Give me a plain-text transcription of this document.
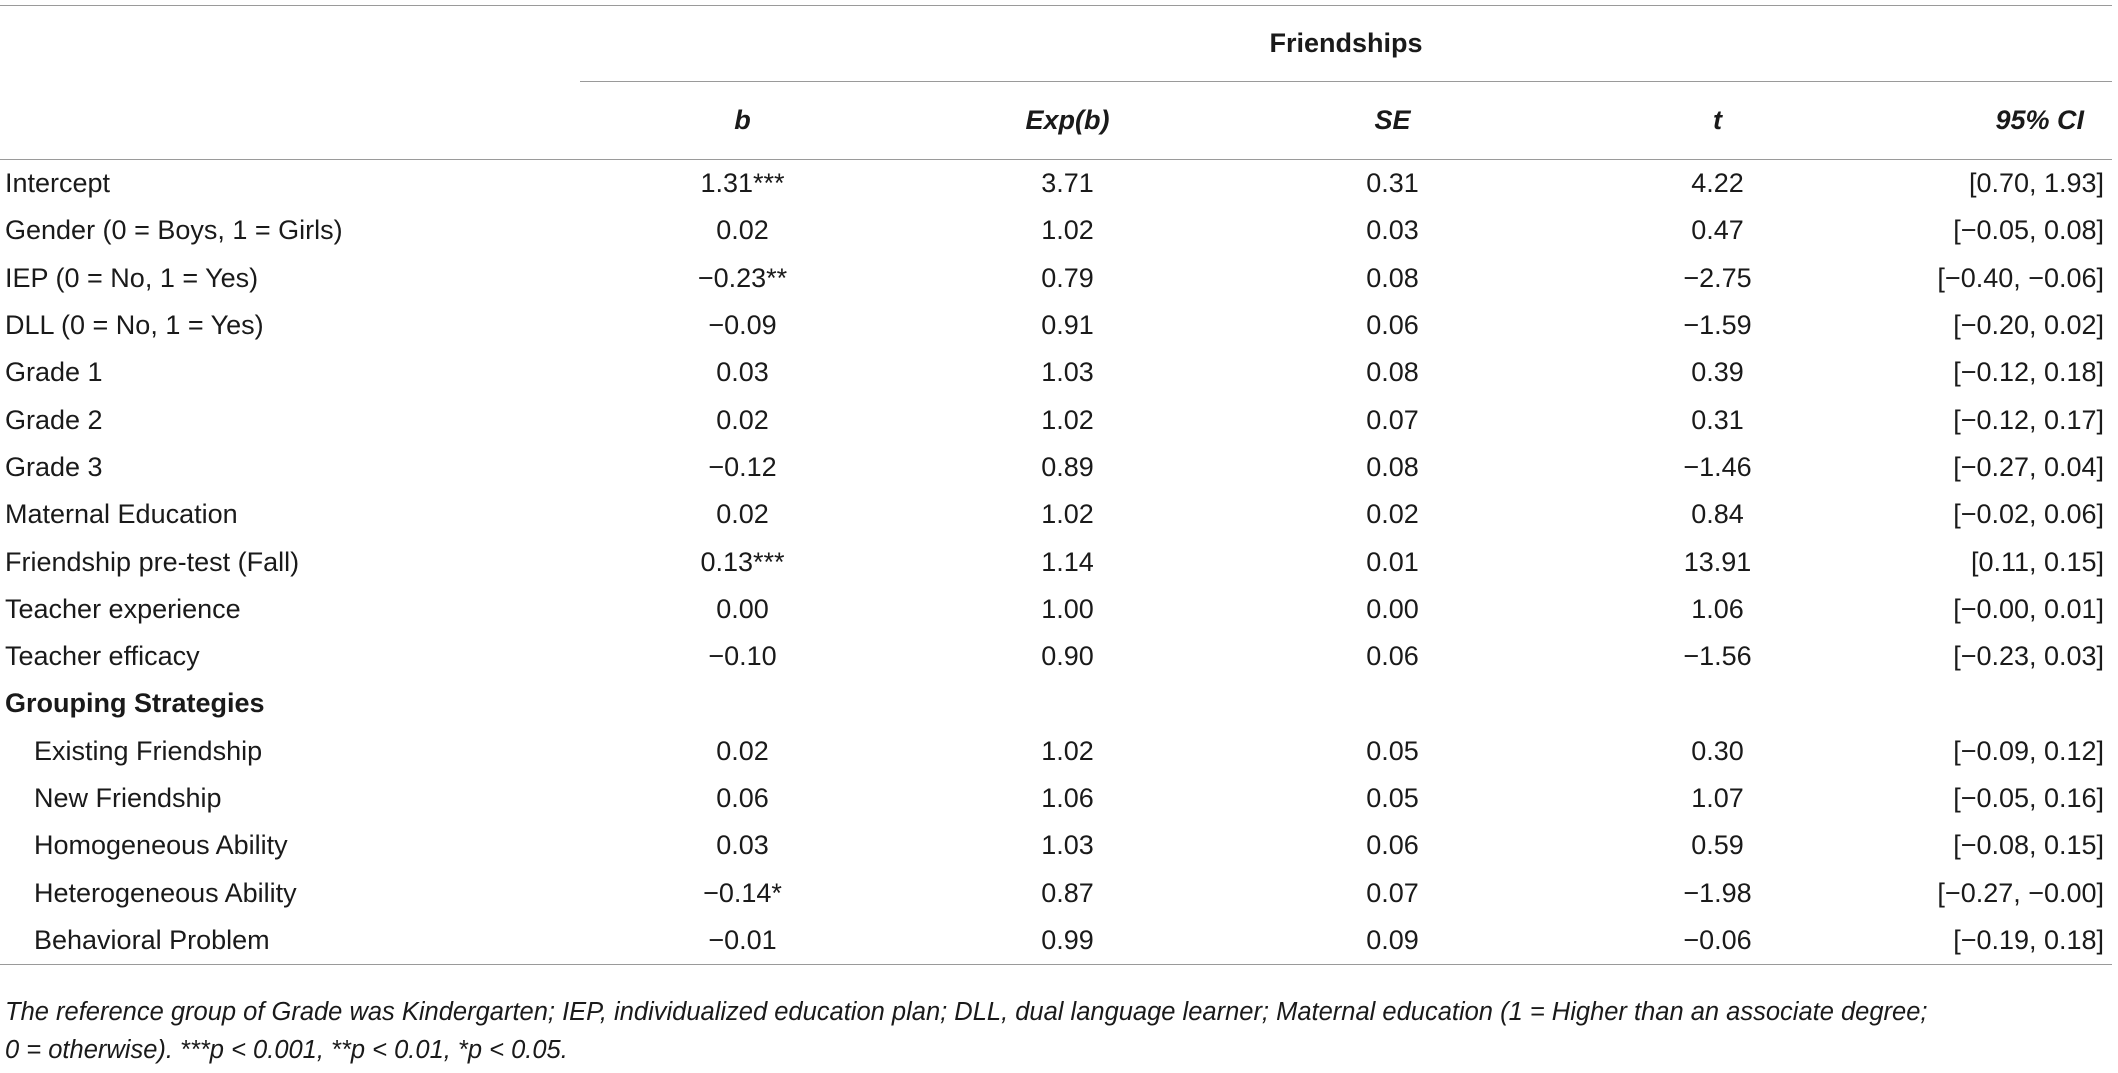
	Friendships				
	b	Exp(b)	SE	t	95% CI
Intercept	1.31***	3.71	0.31	4.22	[0.70, 1.93]
Gender (0 = Boys, 1 = Girls)	0.02	1.02	0.03	0.47	[−0.05, 0.08]
IEP (0 = No, 1 = Yes)	−0.23**	0.79	0.08	−2.75	[−0.40, −0.06]
DLL (0 = No, 1 = Yes)	−0.09	0.91	0.06	−1.59	[−0.20, 0.02]
Grade 1	0.03	1.03	0.08	0.39	[−0.12, 0.18]
Grade 2	0.02	1.02	0.07	0.31	[−0.12, 0.17]
Grade 3	−0.12	0.89	0.08	−1.46	[−0.27, 0.04]
Maternal Education	0.02	1.02	0.02	0.84	[−0.02, 0.06]
Friendship pre-test (Fall)	0.13***	1.14	0.01	13.91	[0.11, 0.15]
Teacher experience	0.00	1.00	0.00	1.06	[−0.00, 0.01]
Teacher efficacy	−0.10	0.90	0.06	−1.56	[−0.23, 0.03]
Grouping Strategies					
Existing Friendship	0.02	1.02	0.05	0.30	[−0.09, 0.12]
New Friendship	0.06	1.06	0.05	1.07	[−0.05, 0.16]
Homogeneous Ability	0.03	1.03	0.06	0.59	[−0.08, 0.15]
Heterogeneous Ability	−0.14*	0.87	0.07	−1.98	[−0.27, −0.00]
Behavioral Problem	−0.01	0.99	0.09	−0.06	[−0.19, 0.18]
The reference group of Grade was Kindergarten; IEP, individualized education plan; DLL, dual language learner; Maternal education (1 = Higher than an associate degree;
0 = otherwise). ***p < 0.001, **p < 0.01, *p < 0.05.
